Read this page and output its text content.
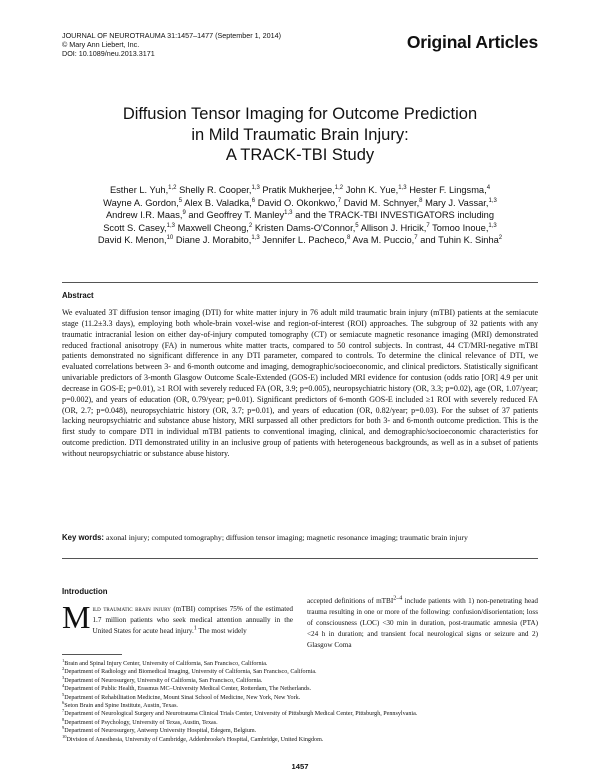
JOURNAL OF NEUROTRAUMA 31:1457–1477 (September 1, 2014)
© Mary Ann Liebert, Inc.
DOI: 10.1089/neu.2013.3171
Original Articles
Diffusion Tensor Imaging for Outcome Prediction
in Mild Traumatic Brain Injury:
A TRACK-TBI Study
Esther L. Yuh,$^{1,2}$ Shelly R. Cooper,$^{1,3}$ Pratik Mukherjee,$^{1,2}$ John K. Yue,$^{1,3}$ Hester F. Lingsma,$^4$
Wayne A. Gordon,$^5$ Alex B. Valadka,$^6$ David O. Okonkwo,$^7$ David M. Schnyer,$^8$ Mary J. Vassar,$^{1,3}$
Andrew I.R. Maas,$^9$ and Geoffrey T. Manley$^{1,3}$ and the TRACK-TBI INVESTIGATORS including
Scott S. Casey,$^{1,3}$ Maxwell Cheong,$^2$ Kristen Dams-O'Connor,$^5$ Allison J. Hricik,$^7$ Tomoo Inoue,$^{1,3}$
David K. Menon,$^{10}$ Diane J. Morabito,$^{1,3}$ Jennifer L. Pacheco,$^8$ Ava M. Puccio,$^7$ and Tuhin K. Sinha$^2$
Abstract
We evaluated 3T diffusion tensor imaging (DTI) for white matter injury in 76 adult mild traumatic brain injury (mTBI) patients at the semiacute stage (11.2±3.3 days), employing both whole-brain voxel-wise and region-of-interest (ROI) approaches. The subgroup of 32 patients with any traumatic intracranial lesion on either day-of-injury computed tomography (CT) or semiacute magnetic resonance imaging (MRI) demonstrated reduced fractional anisotropy (FA) in numerous white matter tracts, compared to 50 control subjects. In contrast, 44 CT/MRI-negative mTBI patients demonstrated no significant difference in any DTI parameter, compared to controls. To determine the clinical relevance of DTI, we evaluated correlations between 3- and 6-month outcome and imaging, demographic/socioeconomic, and clinical predictors. Statistically significant univariable predictors of 3-month Glasgow Outcome Scale-Extended (GOS-E) included MRI evidence for contusion (odds ratio [OR] 4.9 per unit decrease in GOS-E; p=0.01), ≥1 ROI with severely reduced FA (OR, 3.9; p=0.005), neuropsychiatric history (OR, 3.3; p=0.02), age (OR, 1.07/year; p=0.002), and years of education (OR, 0.79/year; p=0.01). Significant predictors of 6-month GOS-E included ≥1 ROI with severely reduced FA (OR, 2.7; p=0.048), neuropsychiatric history (OR, 3.7; p=0.01), and years of education (OR, 0.82/year; p=0.03). For the subset of 37 patients lacking neuropsychiatric and substance abuse history, MRI surpassed all other predictors for both 3- and 6-month outcome prediction. This is the first study to compare DTI in individual mTBI patients to conventional imaging, clinical, and demographic/socioeconomic characteristics for outcome prediction. DTI demonstrated utility in an inclusive group of patients with heterogeneous backgrounds, as well as in a subset of patients without neuropsychiatric or substance abuse history.
Key words: axonal injury; computed tomography; diffusion tensor imaging; magnetic resonance imaging; traumatic brain injury
Introduction
Mild traumatic brain injury (mTBI) comprises 75% of the estimated 1.7 million patients who seek medical attention annually in the United States for acute head injury.$^1$ The most widely
accepted definitions of mTBI$^{2-4}$ include patients with 1) non-penetrating head trauma resulting in one or more of the following: confusion/disorientation; loss of consciousness (LOC) <30 min in duration, post-traumatic amnesia (PTA) <24 h in duration; and transient focal neurological signs or seizure and 2) Glasgow Coma
$^1$Brain and Spinal Injury Center, University of California, San Francisco, California.
$^2$Department of Radiology and Biomedical Imaging, University of California, San Francisco, California.
$^3$Department of Neurosurgery, University of California, San Francisco, California.
$^4$Department of Public Health, Erasmus MC–University Medical Center, Rotterdam, The Netherlands.
$^5$Department of Rehabilitation Medicine, Mount Sinai School of Medicine, New York, New York.
$^6$Seton Brain and Spine Institute, Austin, Texas.
$^7$Department of Neurological Surgery and Neurotrauma Clinical Trials Center, University of Pittsburgh Medical Center, Pittsburgh, Pennsylvania.
$^8$Department of Psychology, University of Texas, Austin, Texas.
$^9$Department of Neurosurgery, Antwerp University Hospital, Edegem, Belgium.
$^{10}$Division of Anesthesia, University of Cambridge, Addenbrooke's Hospital, Cambridge, United Kingdom.
1457
